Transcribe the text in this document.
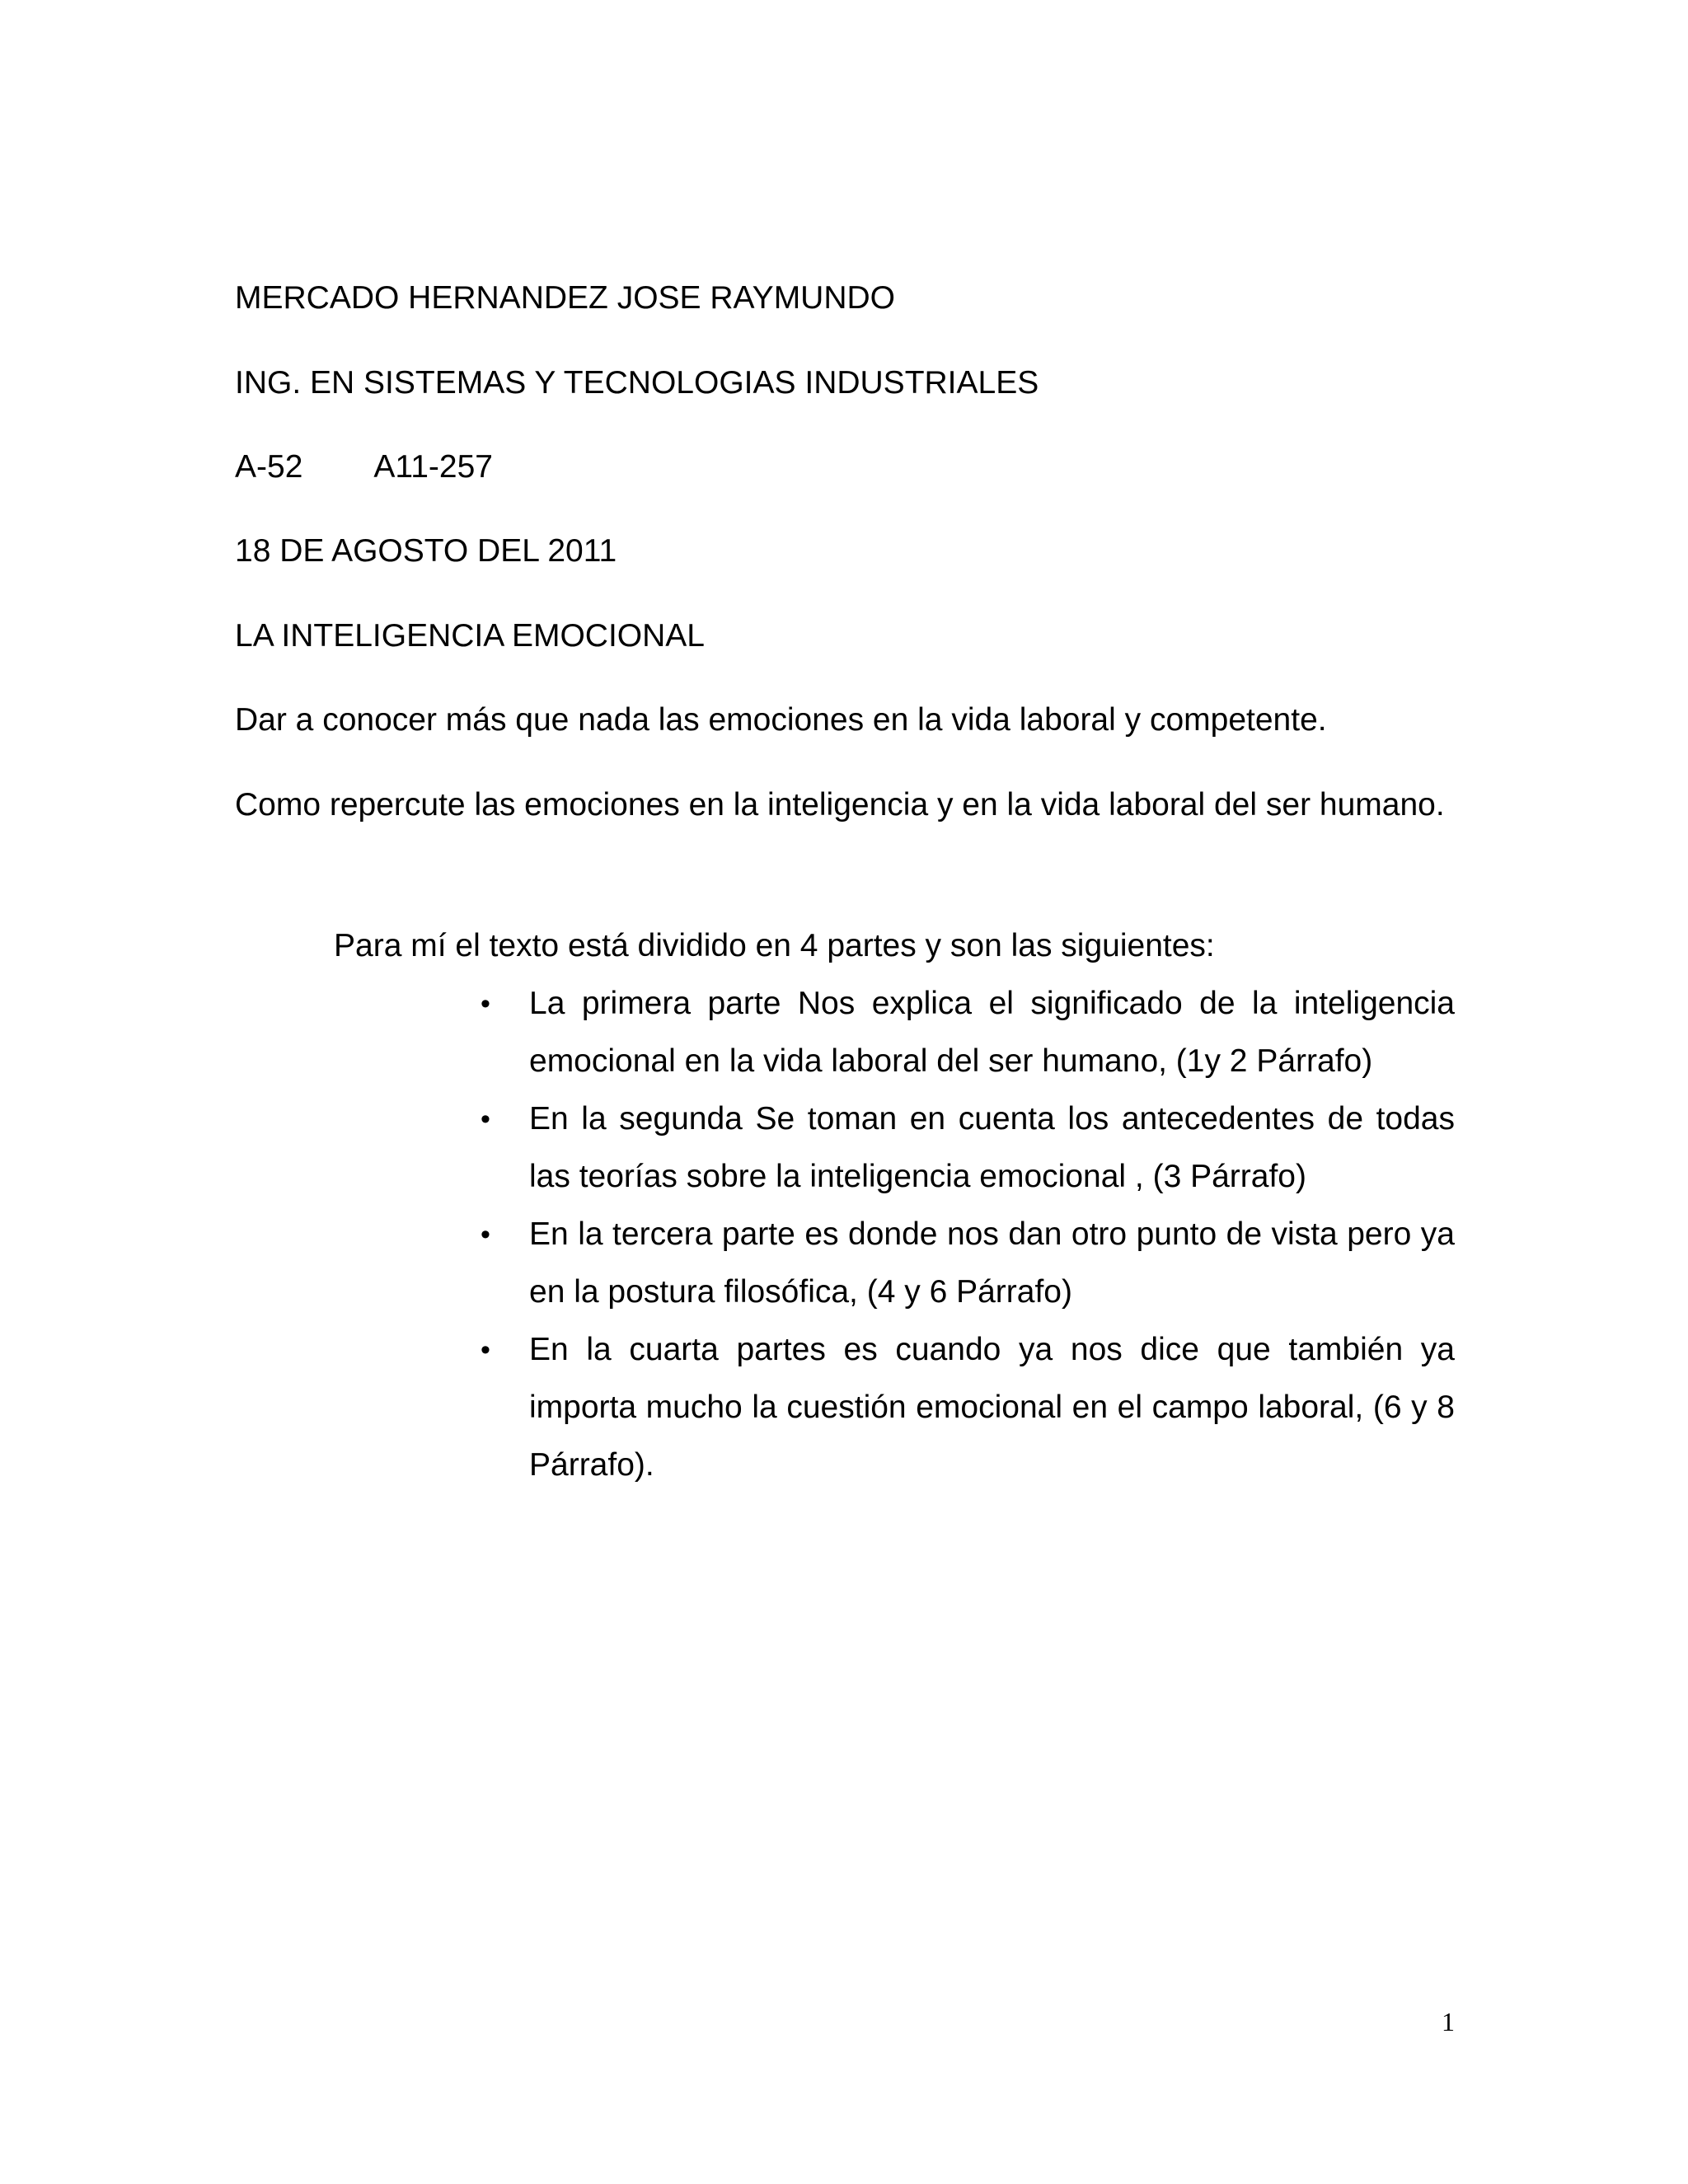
MERCADO HERNANDEZ JOSE RAYMUNDO

ING. EN SISTEMAS Y TECNOLOGIAS INDUSTRIALES

A-52 A11-257

18 DE AGOSTO DEL 2011

LA INTELIGENCIA EMOCIONAL

Dar a conocer más que nada las emociones en la vida laboral y competente.

Como repercute las emociones en la inteligencia y en la vida laboral del ser humano.

Para mí el texto está dividido en 4 partes y son las siguientes:

• La primera parte Nos explica el significado de la inteligencia emocional en la vida laboral del ser humano, (1y 2 Párrafo)
• En la segunda Se toman en cuenta los antecedentes de todas las teorías sobre la inteligencia emocional , (3 Párrafo)
• En la tercera parte es donde nos dan otro punto de vista pero ya en la postura filosófica, (4 y 6 Párrafo)
• En la cuarta partes es cuando ya nos dice que también ya importa mucho la cuestión emocional en el campo laboral, (6 y 8 Párrafo).

1
